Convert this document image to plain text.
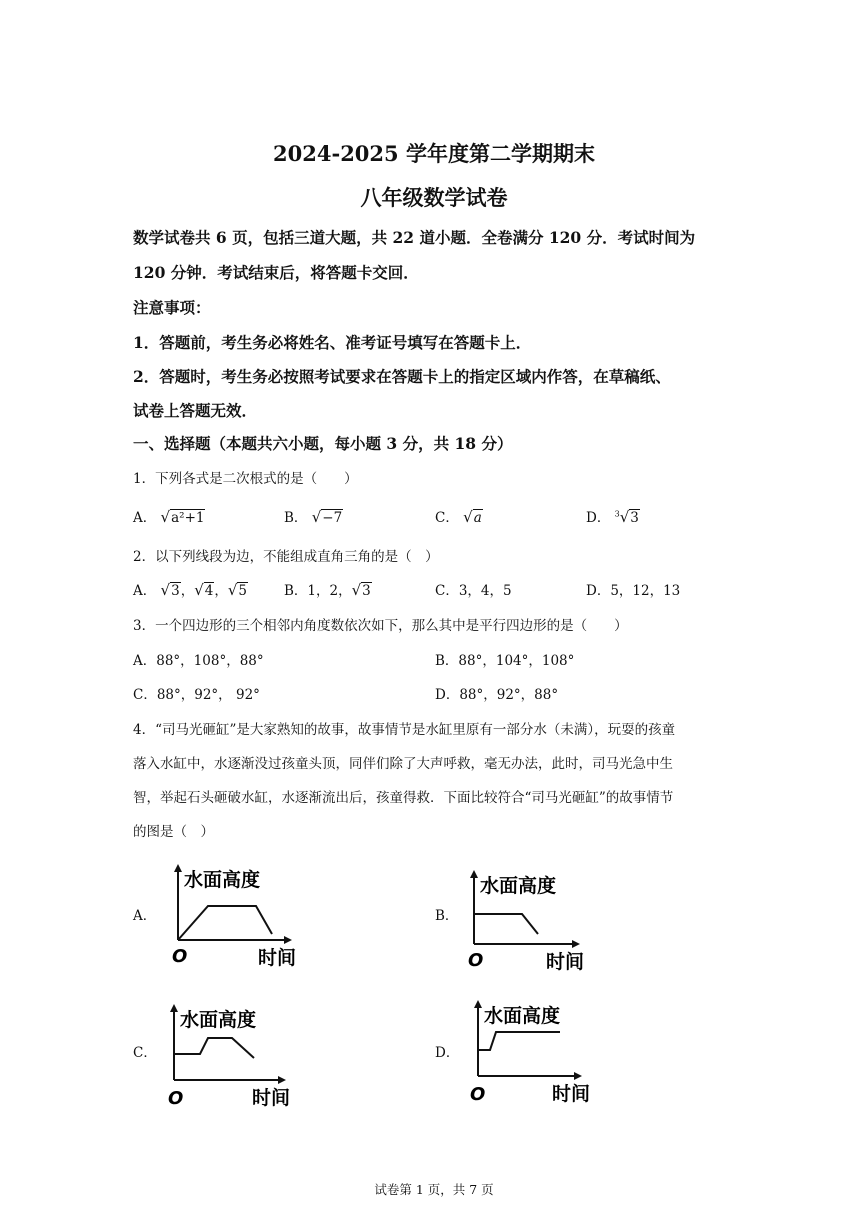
2024-2025 学年度第二学期期末
八年级数学试卷
数学试卷共 6 页，包括三道大题，共 22 道小题．全卷满分 120 分．考试时间为
120 分钟．考试结束后，将答题卡交回．
注意事项：
1．答题前，考生务必将姓名、准考证号填写在答题卡上．
2．答题时，考生务必按照考试要求在答题卡上的指定区域内作答，在草稿纸、
试卷上答题无效．
一、选择题（本题共六小题，每小题 3 分，共 18 分）
1．下列各式是二次根式的是（　　）
A． √a²+1	B． √−7	C． √a	D． $^3$√3
2．以下列线段为边，不能组成直角三角的是（　）
A． √3，√4，√5	B．1，2，√3	C．3，4，5	D．5，12，13
3．一个四边形的三个相邻内角度数依次如下，那么其中是平行四边形的是（　　）
A．88°，108°，88°	B．88°，104°，108°
C．88°，92°， 92°	D．88°，92°，88°
4．“司马光砸缸”是大家熟知的故事，故事情节是水缸里原有一部分水（未满），玩耍的孩童
落入水缸中，水逐渐没过孩童头顶，同伴们除了大声呼救，毫无办法，此时，司马光急中生
智，举起石头砸破水缸，水逐渐流出后，孩童得救．下面比较符合“司马光砸缸”的故事情节
的图是（　）
A．
水面高度
时间
O
B．
水面高度
时间
O
C．
水面高度
时间
O
D．
水面高度
时间
O
试卷第 1 页，共 7 页
